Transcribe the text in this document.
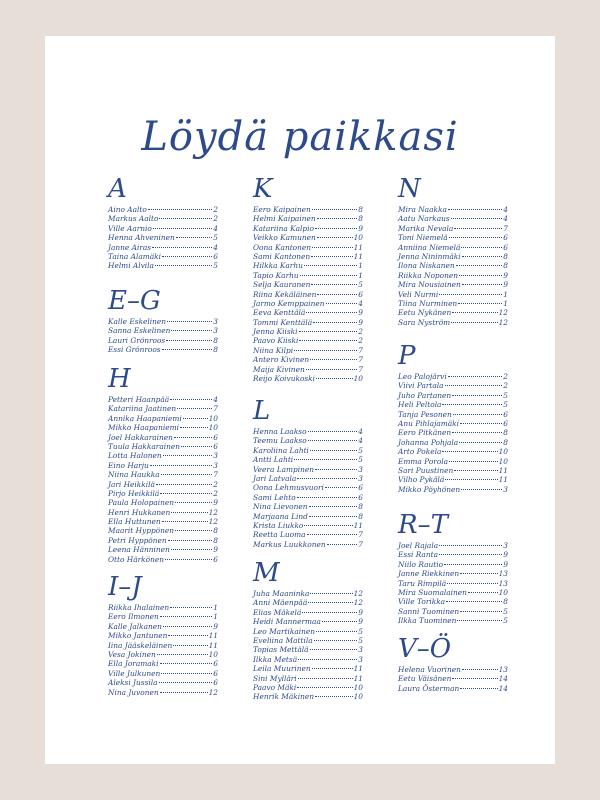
Löydä paikkasi
A
Aino Aalto	2
Markus Aalto	2
Ville Aarnio	4
Henna Ahveninen	5
Janne Airas	4
Taina Alamäki	6
Helmi Alvila	5
E–G
Kalle Eskelinen	3
Sanna Eskelinen	3
Lauri Grönroos	8
Essi Grönroos	8
H
Petteri Haanpää	4
Katariina Jaatinen	7
Annika Haapaniemi	10
Mikko Haapaniemi	10
Joel Hakkarainen	6
Tuula Hakkarainen	6
Lotta Halonen	3
Eino Harju	3
Niina Haukka	7
Jari Heikkilä	2
Pirjo Heikkilä	2
Paula Holopainen	9
Henri Hukkanen	12
Ella Huttunen	12
Maarit Hyppönen	8
Petri Hyppönen	8
Leena Hänninen	9
Otto Härkönen	6
I–J
Riikka Ihalainen	1
Eero Ilmonen	1
Kalle Jalkanen	9
Mikko Jantunen	11
Iina Jääskeläinen	11
Vesa Jokinen	10
Ella Joramaki	6
Ville Julkunen	6
Aleksi Jussila	6
Nina Juvonen	12
K
Eero Kaipainen	8
Helmi Kaipainen	8
Katariina Kalpio	9
Veikko Kamunen	10
Oona Kantonen	11
Sami Kantonen	11
Hilkka Karhu	1
Tapio Karhu	1
Selja Kauranen	5
Riina Kekäläinen	6
Jarmo Kemppainen	4
Eeva Kenttälä	9
Tommi Kenttälä	9
Jenna Kiiski	2
Paavo Kiiski	2
Niina Kilpi	7
Antero Kivinen	7
Maija Kivinen	7
Reijo Koivukoski	10
L
Henna Laakso	4
Teemu Laakso	4
Karoliina Lahti	5
Antti Lahti	5
Veera Lampinen	3
Jari Latvala	3
Oona Lehmusvuori	6
Sami Lehto	6
Nina Lievonen	8
Marjaana Lind	8
Krista Liukko	11
Reetta Luoma	7
Markus Luukkonen	7
M
Juha Maaninka	12
Anni Mäenpää	12
Elias Mäkelä	9
Heidi Mannermaa	9
Leo Martikainen	5
Eveliina Mattila	5
Topias Mettälä	3
Ilkka Metsä	3
Leila Muurinen	11
Sini Mylläri	11
Paavo Mäki	10
Henrik Mäkinen	10
N
Mira Naakka	4
Aatu Narkaus	4
Marika Nevala	7
Toni Niemelä	6
Anniina Niemelä	6
Jenna Nininmäki	8
Ilona Niskanen	8
Riikka Noponen	9
Mira Nousiainen	9
Veli Nurmi	1
Tiina Nurminen	1
Eetu Nykänen	12
Sara Nyström	12
P
Leo Palojärvi	2
Viivi Partala	2
Juho Partanen	5
Heli Peltola	5
Tanja Pesonen	6
Anu Pihlajamäki	6
Eero Pitkänen	8
Johanna Pohjala	8
Arto Pokela	10
Emma Porola	10
Sari Puustinen	11
Vilho Pykälä	11
Mikko Pöyhönen	3
R–T
Joel Rajala	3
Essi Ranta	9
Niilo Rautio	9
Janne Riekkinen	13
Taru Rimpilä	13
Mira Suomalainen	10
Ville Torikka	8
Sanni Tuominen	5
Ilkka Tuominen	5
V–Ö
Helena Vuorinen	13
Eetu Väisänen	14
Laura Österman	14
